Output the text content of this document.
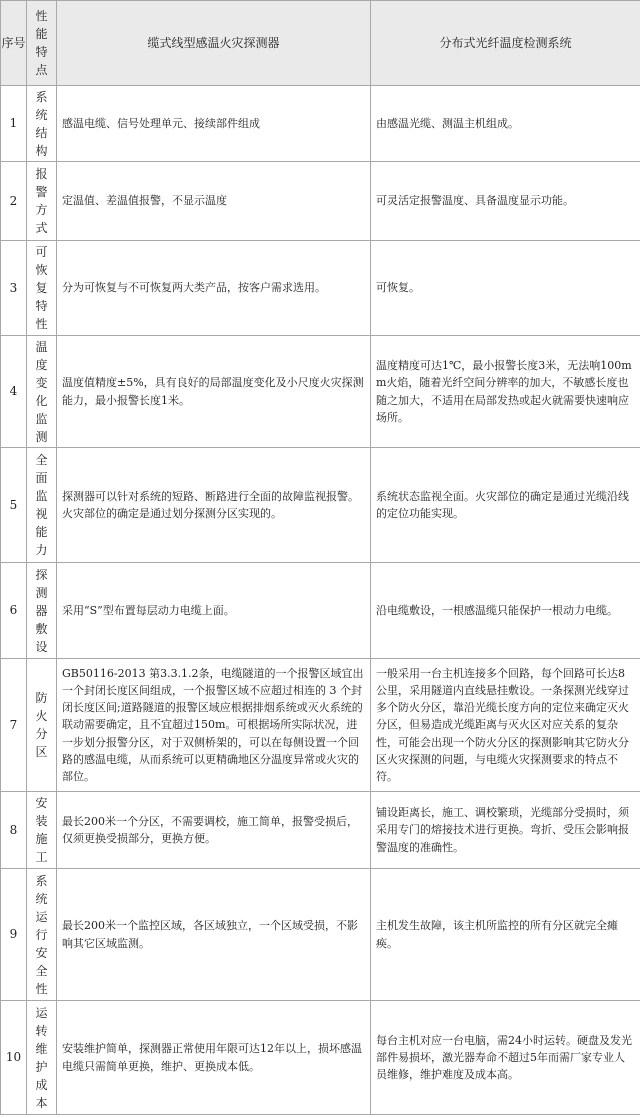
序号	性能特点	缆式线型感温火灾探测器	分布式光纤温度检测系统
1	系统结构	感温电缆、信号处理单元、接续部件组成	由感温光缆、测温主机组成。
2	报警方式	定温值、差温值报警，不显示温度	可灵活定报警温度、具备温度显示功能。
3	可恢复特性	分为可恢复与不可恢复两大类产品，按客户需求选用。	可恢复。
4	温度变化监测	温度值精度±5%，具有良好的局部温度变化及小尺度火灾探测能力，最小报警长度1米。	温度精度可达1℃，最小报警长度3米，无法响100mm火焰，随着光纤空间分辨率的加大，不敏感长度也随之加大，不适用在局部发热或起火就需要快速响应场所。
5	全面监视能力	探测器可以针对系统的短路、断路进行全面的故障监视报警。火灾部位的确定是通过划分探测分区实现的。	系统状态监视全面。火灾部位的确定是通过光缆沿线的定位功能实现。
6	探测器敷设	采用“S”型布置每层动力电缆上面。	沿电缆敷设，一根感温缆只能保护一根动力电缆。
7	防火分区	GB50116-2013 第3.3.1.2条，电缆隧道的一个报警区域宜出一个封闭长度区间组成，一个报警区域不应超过相连的 3 个封闭长度区间;道路隧道的报警区域应根据排烟系统或灭火系统的联动需要确定，且不宜超过150m。可根据场所实际状况，进一步划分报警分区，对于双侧桥架的，可以在每侧设置一个回路的感温电缆，从而系统可以更精确地区分温度异常或火灾的部位。	一般采用一台主机连接多个回路，每个回路可长达8公里，采用隧道内直线悬挂敷设。一条探测光线穿过多个防火分区，靠沿光缆长度方向的定位来确定灭火分区，但易造成光缆距离与灭火区对应关系的复杂性，可能会出现一个防火分区的探测影响其它防火分区火灾探测的问题，与电缆火灾探测要求的特点不符。
8	安装施工	最长200米一个分区，不需要调校，施工简单，报警受损后，仅须更换受损部分，更换方便。	铺设距离长，施工、调校繁琐，光缆部分受损时，须采用专门的熔接技术进行更换。弯折、受压会影响报警温度的准确性。
9	系统运行安全性	最长200米一个监控区域，各区域独立，一个区域受损，不影响其它区域监测。	主机发生故障，该主机所监控的所有分区就完全瘫痪。
10	运转维护成本	安装维护简单，探测器正常使用年限可达12年以上，损坏感温电缆只需简单更换，维护、更换成本低。	每台主机对应一台电脑，需24小时运转。硬盘及发光部件易损坏，激光器寿命不超过5年而需厂家专业人员维修，维护难度及成本高。
